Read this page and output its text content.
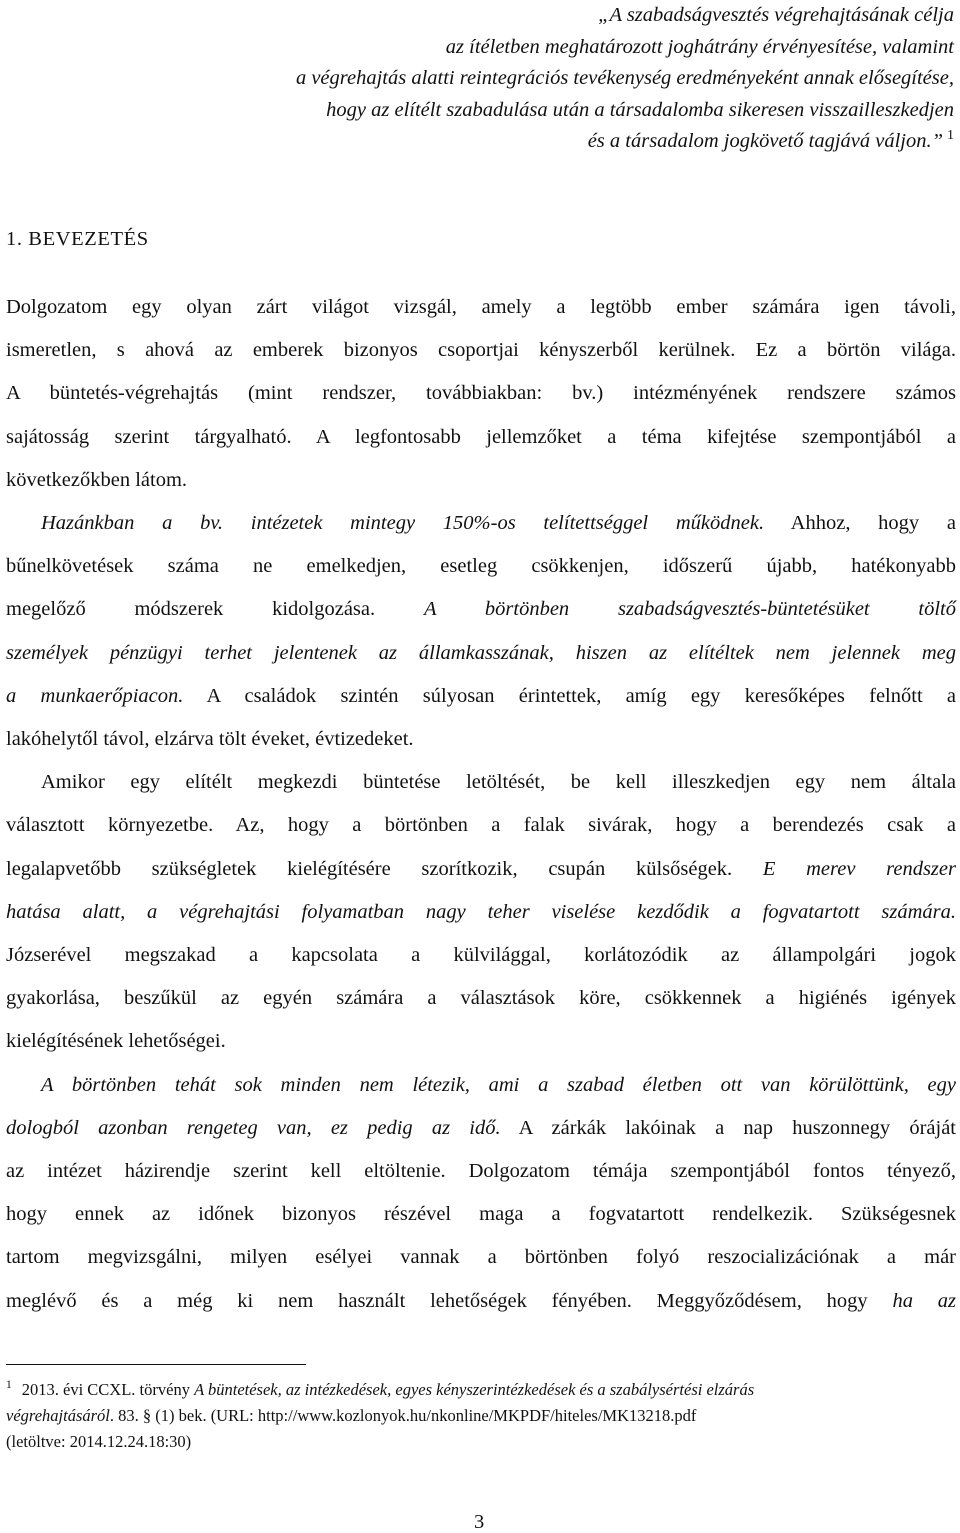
„A szabadságvesztés végrehajtásának célja
az ítéletben meghatározott joghátrány érvényesítése, valamint
a végrehajtás alatti reintegrációs tevékenység eredményeként annak elősegítése,
hogy az elítélt szabadulása után a társadalomba sikeresen visszailleszkedjen
és a társadalom jogkövető tagjává váljon.” $^1$
1. BEVEZETÉS

Dolgozatom egy olyan zárt világot vizsgál, amely a legtöbb ember számára igen távoli,
ismeretlen, s ahová az emberek bizonyos csoportjai kényszerből kerülnek. Ez a börtön világa.
A büntetés-végrehajtás (mint rendszer, továbbiakban: bv.) intézményének rendszere számos
sajátosság szerint tárgyalható. A legfontosabb jellemzőket a téma kifejtése szempontjából a
következőkben látom.

Hazánkban a bv. intézetek mintegy 150%-os telítettséggel működnek. Ahhoz, hogy a
bűnelkövetések száma ne emelkedjen, esetleg csökkenjen, időszerű újabb, hatékonyabb
megelőző módszerek kidolgozása. A börtönben szabadságvesztés-büntetésüket töltő
személyek pénzügyi terhet jelentenek az államkasszának, hiszen az elítéltek nem jelennek meg
a munkaerőpiacon. A családok szintén súlyosan érintettek, amíg egy keresőképes felnőtt a
lakóhelytől távol, elzárva tölt éveket, évtizedeket.

Amikor egy elítélt megkezdi büntetése letöltését, be kell illeszkedjen egy nem általa
választott környezetbe. Az, hogy a börtönben a falak sivárak, hogy a berendezés csak a
legalapvetőbb szükségletek kielégítésére szorítkozik, csupán külsőségek. E merev rendszer
hatása alatt, a végrehajtási folyamatban nagy teher viselése kezdődik a fogvatartott számára.
Józserével megszakad a kapcsolata a külvilággal, korlátozódik az állampolgári jogok
gyakorlása, beszűkül az egyén számára a választások köre, csökkennek a higiénés igények
kielégítésének lehetőségei.

A börtönben tehát sok minden nem létezik, ami a szabad életben ott van körülöttünk, egy
dologból azonban rengeteg van, ez pedig az idő. A zárkák lakóinak a nap huszonnegy óráját
az intézet házirendje szerint kell eltöltenie. Dolgozatom témája szempontjából fontos tényező,
hogy ennek az időnek bizonyos részével maga a fogvatartott rendelkezik. Szükségesnek
tartom megvizsgálni, milyen esélyei vannak a börtönben folyó reszocializációnak a már
meglévő és a még ki nem használt lehetőségek fényében. Meggyőződésem, hogy ha az

$^1$ 2013. évi CCXL. törvény A büntetések, az intézkedések, egyes kényszerintézkedések és a szabálysértési elzárás
végrehajtásáról. 83. § (1) bek. (URL: http://www.kozlonyok.hu/nkonline/MKPDF/hiteles/MK13218.pdf
(letöltve: 2014.12.24.18:30)
3
